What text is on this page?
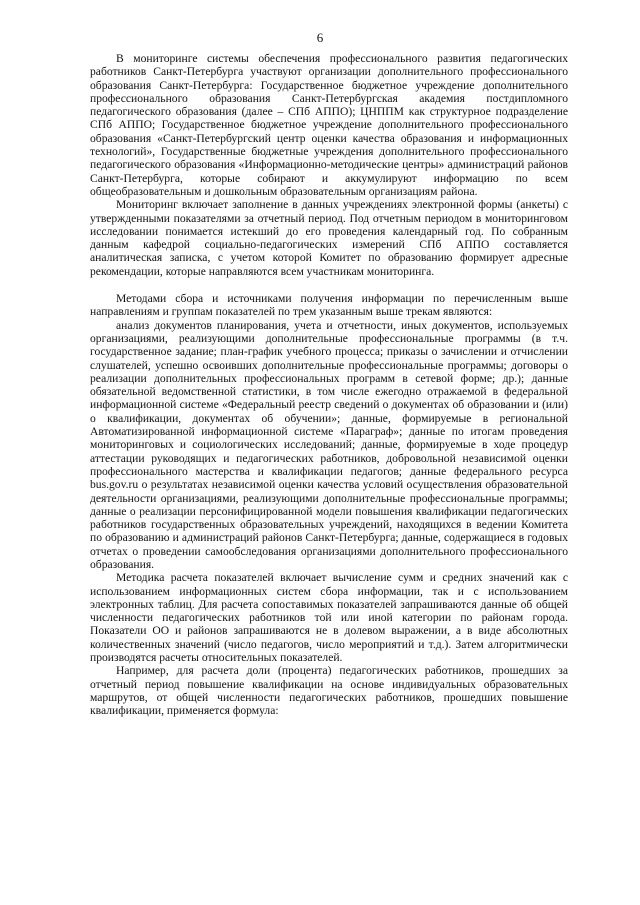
6

В мониторинге системы обеспечения профессионального развития педагогических работников Санкт-Петербурга участвуют организации дополнительного профессионального образования Санкт-Петербурга: Государственное бюджетное учреждение дополнительного профессионального образования Санкт-Петербургская академия постдипломного педагогического образования (далее – СПб АППО); ЦНППМ как структурное подразделение СПб АППО; Государственное бюджетное учреждение дополнительного профессионального образования «Санкт-Петербургский центр оценки качества образования и информационных технологий», Государственные бюджетные учреждения дополнительного профессионального педагогического образования «Информационно-методические центры» администраций районов Санкт-Петербурга, которые собирают и аккумулируют информацию по всем общеобразовательным и дошкольным образовательным организациям района.

Мониторинг включает заполнение в данных учреждениях электронной формы (анкеты) с утвержденными показателями за отчетный период. Под отчетным периодом в мониторинговом исследовании понимается истекший до его проведения календарный год. По собранным данным кафедрой социально-педагогических измерений СПб АППО составляется аналитическая записка, с учетом которой Комитет по образованию формирует адресные рекомендации, которые направляются всем участникам мониторинга.

Методами сбора и источниками получения информации по перечисленным выше направлениям и группам показателей по трем указанным выше трекам являются:

анализ документов планирования, учета и отчетности, иных документов, используемых организациями, реализующими дополнительные профессиональные программы (в т.ч. государственное задание; план-график учебного процесса; приказы о зачислении и отчислении слушателей, успешно освоивших дополнительные профессиональные программы; договоры о реализации дополнительных профессиональных программ в сетевой форме; др.); данные обязательной ведомственной статистики, в том числе ежегодно отражаемой в федеральной информационной системе «Федеральный реестр сведений о документах об образовании и (или) о квалификации, документах об обучении»; данные, формируемые в региональной Автоматизированной информационной системе «Параграф»; данные по итогам проведения мониторинговых и социологических исследований; данные, формируемые в ходе процедур аттестации руководящих и педагогических работников, добровольной независимой оценки профессионального мастерства и квалификации педагогов; данные федерального ресурса bus.gov.ru о результатах независимой оценки качества условий осуществления образовательной деятельности организациями, реализующими дополнительные профессиональные программы; данные о реализации персонифицированной модели повышения квалификации педагогических работников государственных образовательных учреждений, находящихся в ведении Комитета по образованию и администраций районов Санкт-Петербурга; данные, содержащиеся в годовых отчетах о проведении самообследования организациями дополнительного профессионального образования.

Методика расчета показателей включает вычисление сумм и средних значений как с использованием информационных систем сбора информации, так и с использованием электронных таблиц. Для расчета сопоставимых показателей запрашиваются данные об общей численности педагогических работников той или иной категории по районам города. Показатели ОО и районов запрашиваются не в долевом выражении, а в виде абсолютных количественных значений (число педагогов, число мероприятий и т.д.). Затем алгоритмически производятся расчеты относительных показателей.

Например, для расчета доли (процента) педагогических работников, прошедших за отчетный период повышение квалификации на основе индивидуальных образовательных маршрутов, от общей численности педагогических работников, прошедших повышение квалификации, применяется формула:
